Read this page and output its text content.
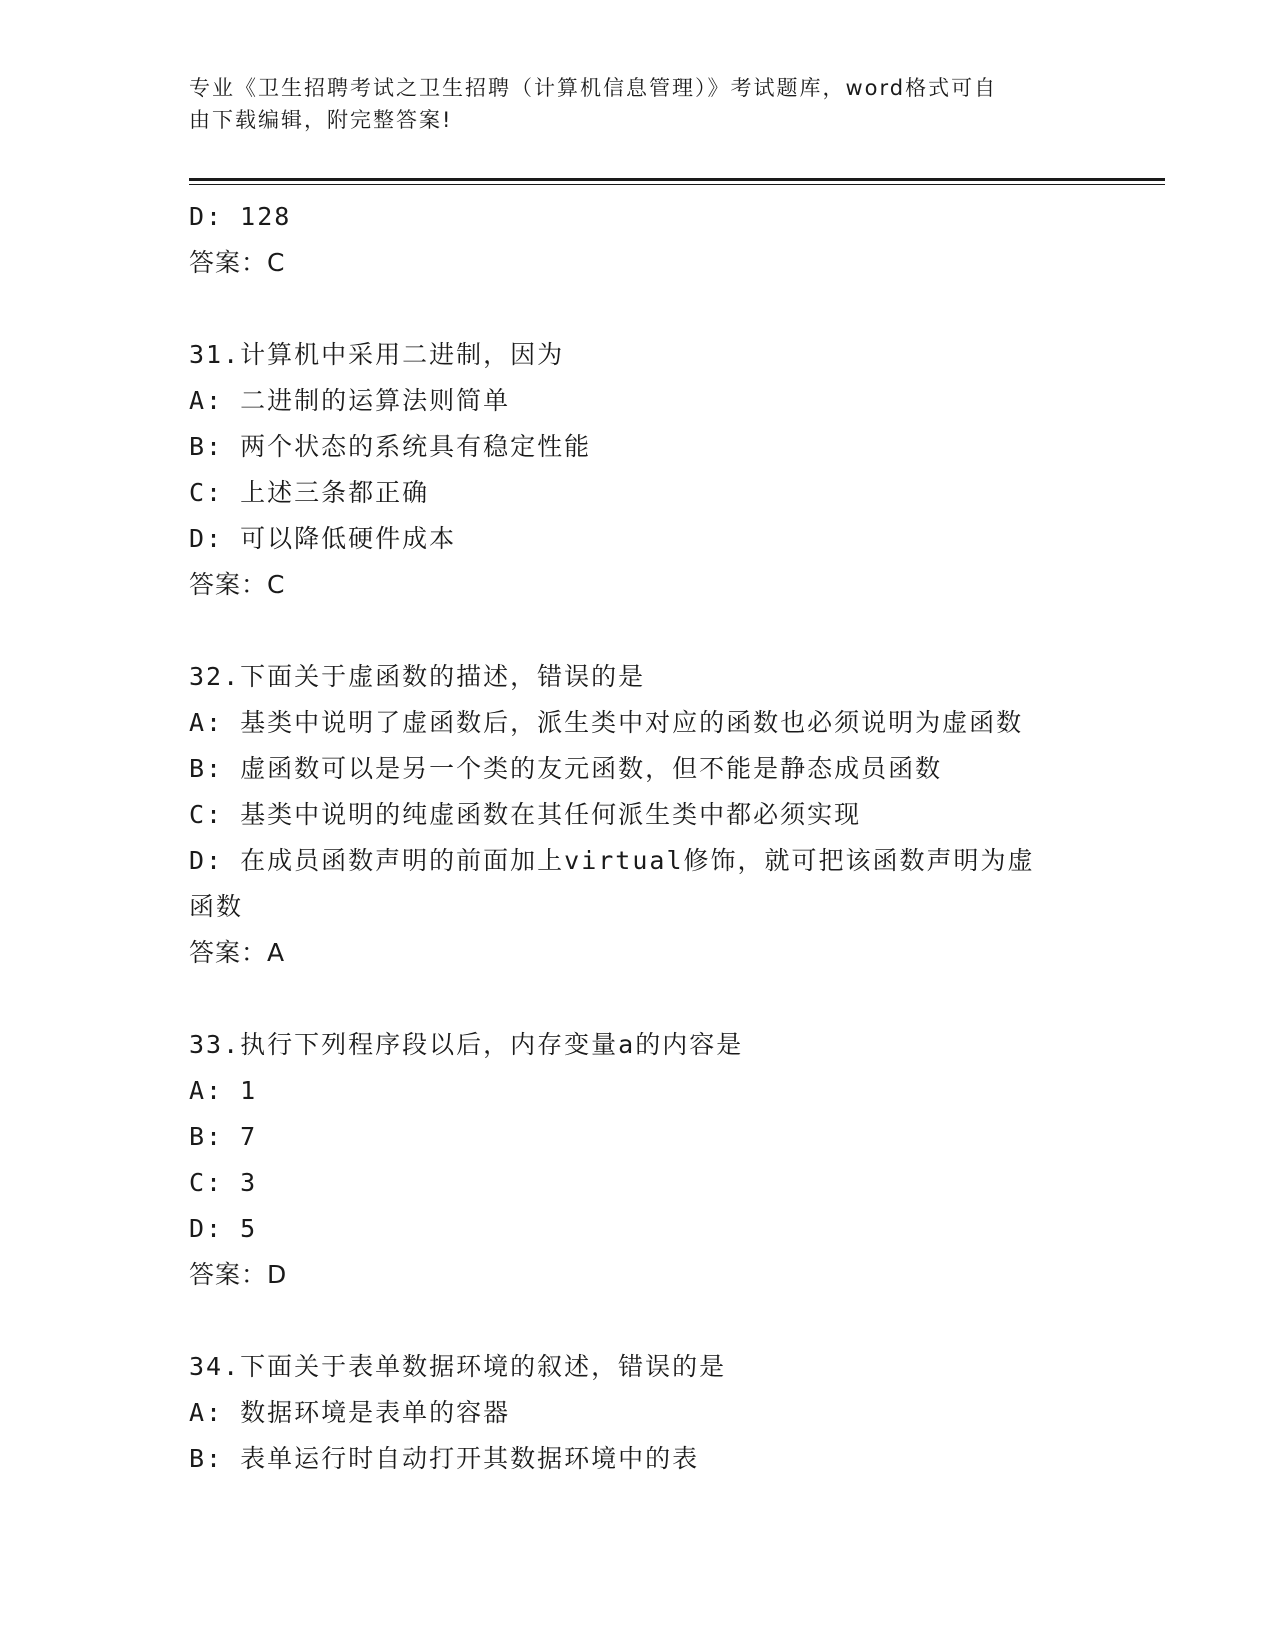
专业《卫生招聘考试之卫生招聘（计算机信息管理）》考试题库，word格式可自
由下载编辑，附完整答案!
D: 128
答案：C
31.计算机中采用二进制，因为
A: 二进制的运算法则简单
B: 两个状态的系统具有稳定性能
C: 上述三条都正确
D: 可以降低硬件成本
答案：C
32.下面关于虚函数的描述，错误的是
A: 基类中说明了虚函数后，派生类中对应的函数也必须说明为虚函数
B: 虚函数可以是另一个类的友元函数，但不能是静态成员函数
C: 基类中说明的纯虚函数在其任何派生类中都必须实现
D: 在成员函数声明的前面加上virtual修饰，就可把该函数声明为虚
函数
答案：A
33.执行下列程序段以后，内存变量a的内容是
A: 1
B: 7
C: 3
D: 5
答案：D
34.下面关于表单数据环境的叙述，错误的是
A: 数据环境是表单的容器
B: 表单运行时自动打开其数据环境中的表
